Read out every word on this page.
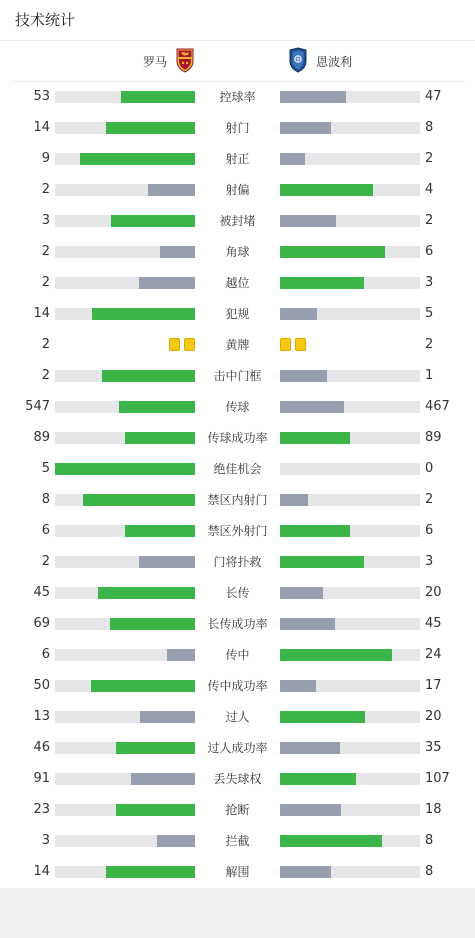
技术统计
罗马	恩波利
53	控球率	47
14	射门	8
9	射正	2
2	射偏	4
3	被封堵	2
2	角球	6
2	越位	3
14	犯规	5
2	黄牌	2
2	击中门框	1
547	传球	467
89	传球成功率	89
5	绝佳机会	0
8	禁区内射门	2
6	禁区外射门	6
2	门将扑救	3
45	长传	20
69	长传成功率	45
6	传中	24
50	传中成功率	17
13	过人	20
46	过人成功率	35
91	丢失球权	107
23	抢断	18
3	拦截	8
14	解围	8
